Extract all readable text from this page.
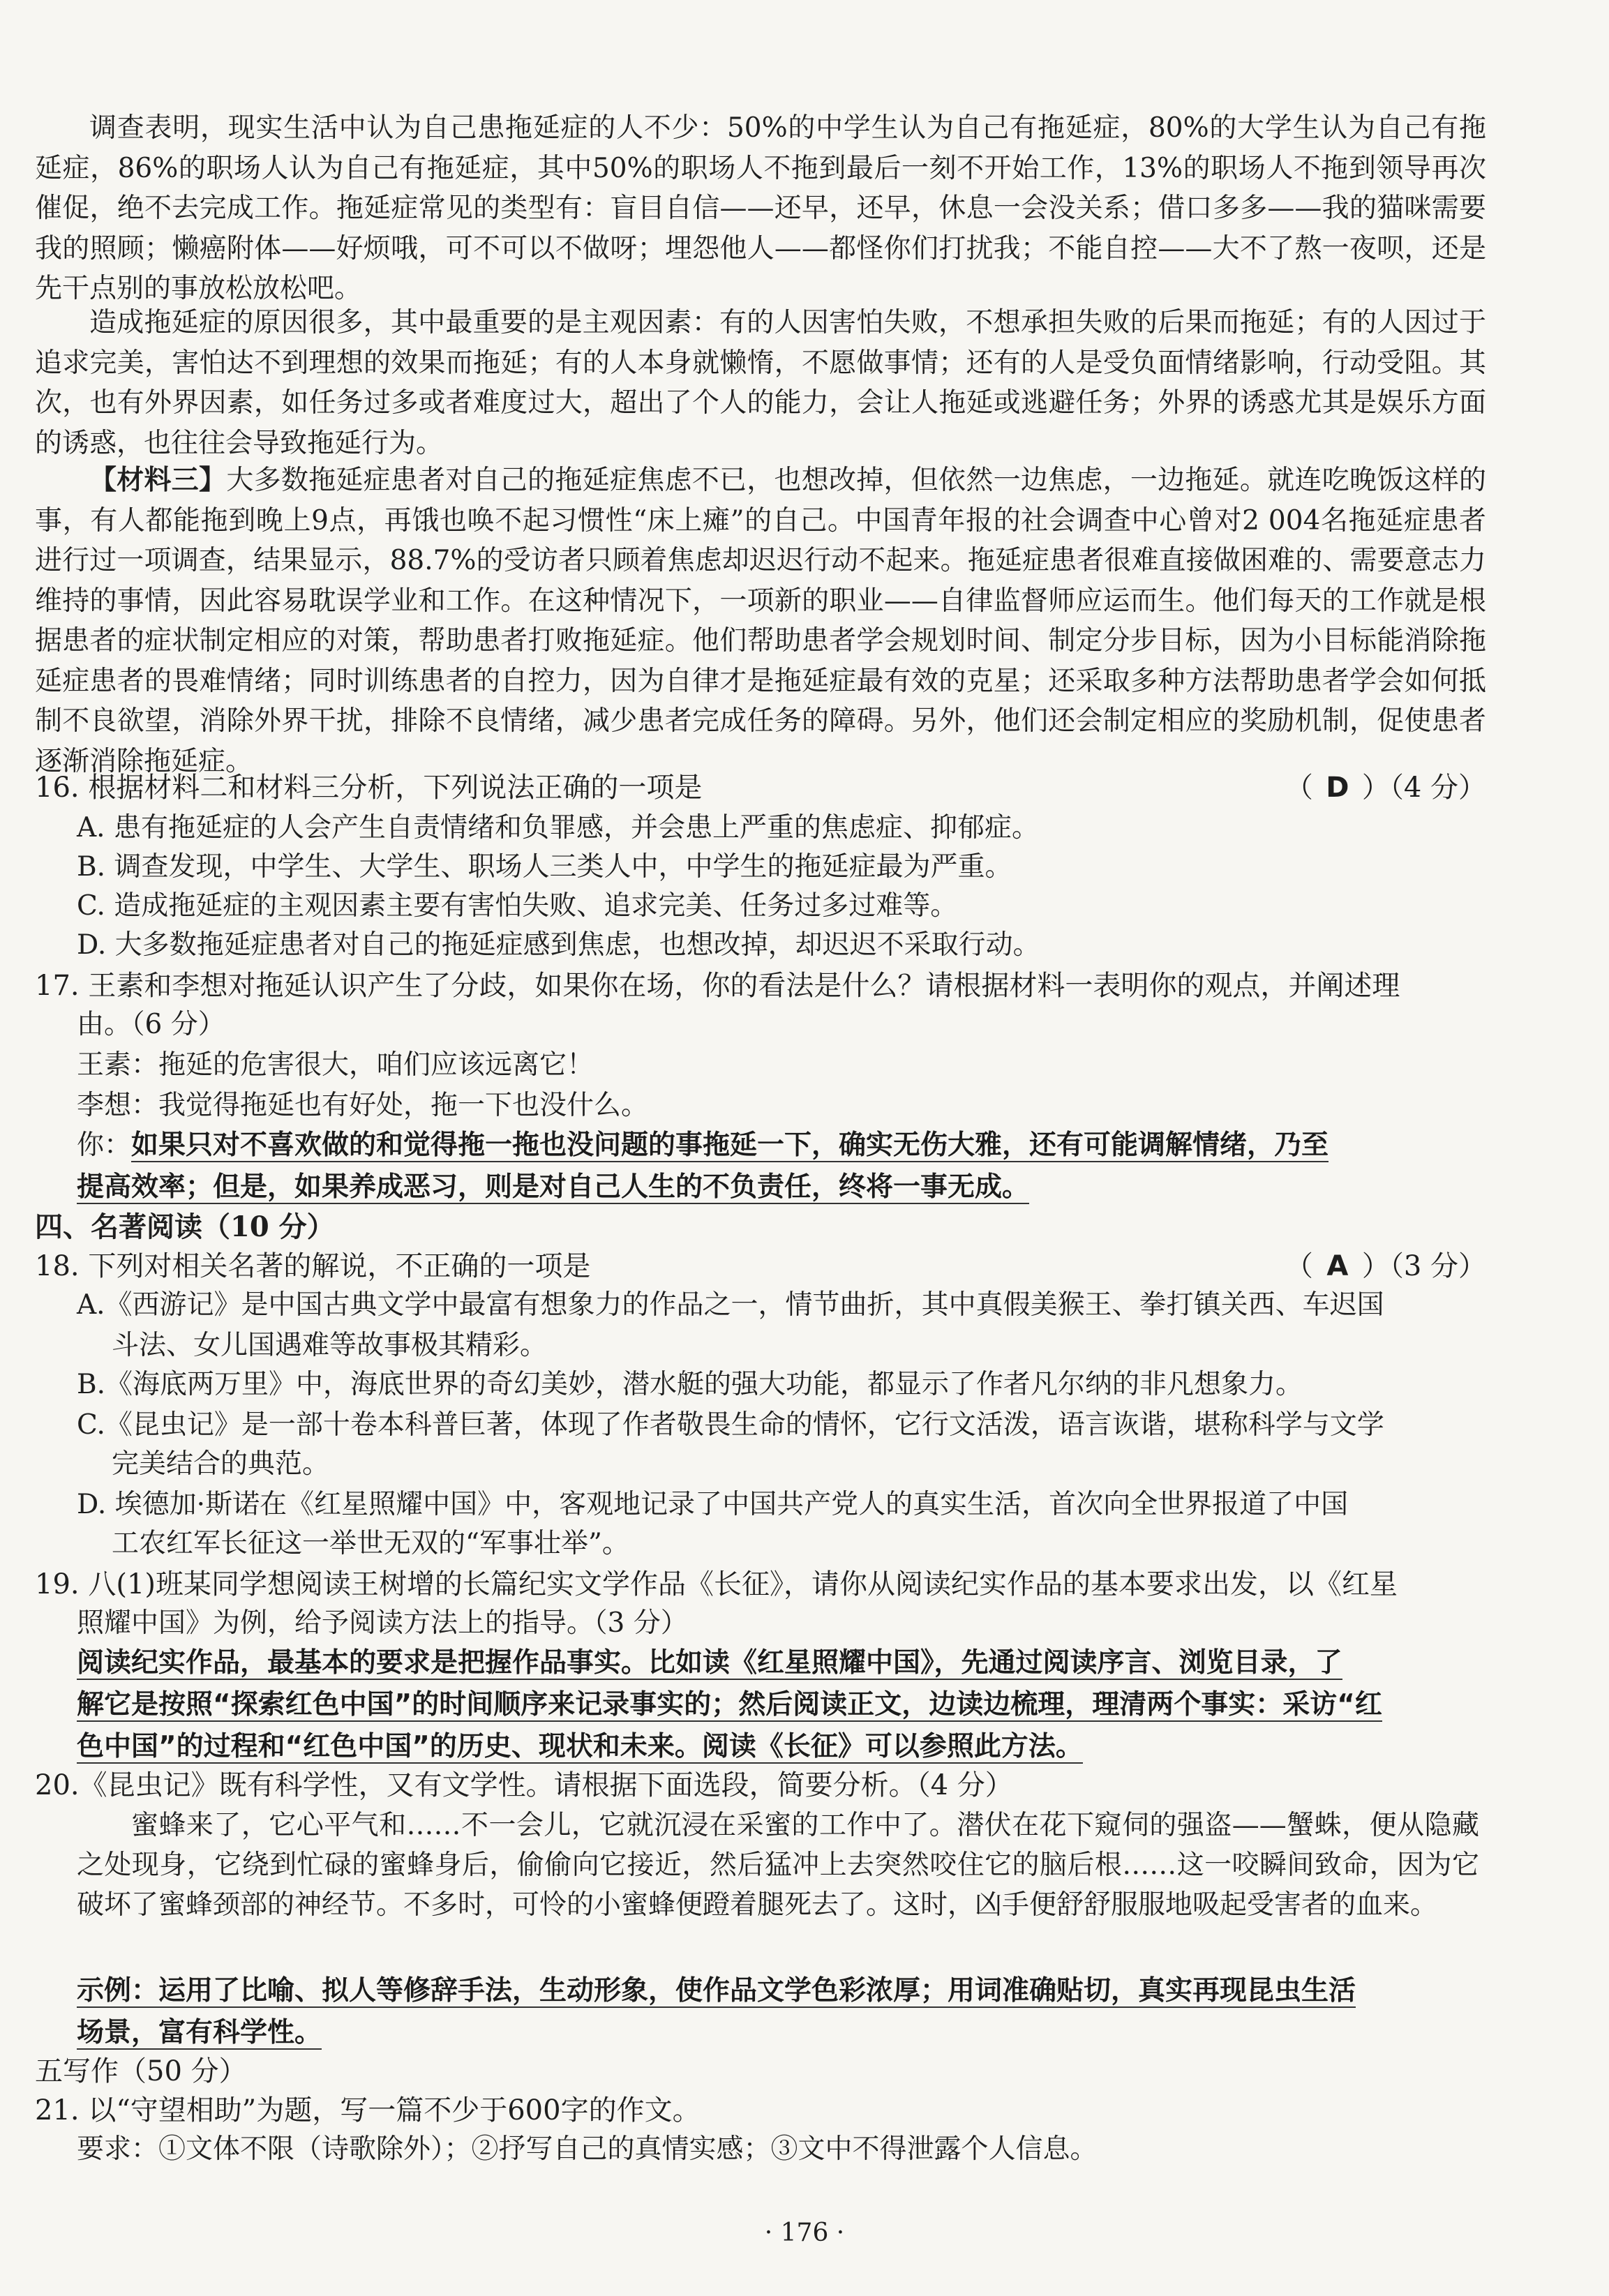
调查表明，现实生活中认为自己患拖延症的人不少：50%的中学生认为自己有拖延症，80%的大学生认为自己有拖延症，86%的职场人认为自己有拖延症，其中50%的职场人不拖到最后一刻不开始工作，13%的职场人不拖到领导再次催促，绝不去完成工作。拖延症常见的类型有：盲目自信——还早，还早，休息一会没关系；借口多多——我的猫咪需要我的照顾；懒癌附体——好烦哦，可不可以不做呀；埋怨他人——都怪你们打扰我；不能自控——大不了熬一夜呗，还是先干点别的事放松放松吧。
造成拖延症的原因很多，其中最重要的是主观因素：有的人因害怕失败，不想承担失败的后果而拖延；有的人因过于追求完美，害怕达不到理想的效果而拖延；有的人本身就懒惰，不愿做事情；还有的人是受负面情绪影响，行动受阻。其次，也有外界因素，如任务过多或者难度过大，超出了个人的能力，会让人拖延或逃避任务；外界的诱惑尤其是娱乐方面的诱惑，也往往会导致拖延行为。
【材料三】大多数拖延症患者对自己的拖延症焦虑不已，也想改掉，但依然一边焦虑，一边拖延。就连吃晚饭这样的事，有人都能拖到晚上9点，再饿也唤不起习惯性“床上瘫”的自己。中国青年报的社会调查中心曾对2 004名拖延症患者进行过一项调查，结果显示，88.7%的受访者只顾着焦虑却迟迟行动不起来。拖延症患者很难直接做困难的、需要意志力维持的事情，因此容易耽误学业和工作。在这种情况下，一项新的职业——自律监督师应运而生。他们每天的工作就是根据患者的症状制定相应的对策，帮助患者打败拖延症。他们帮助患者学会规划时间、制定分步目标，因为小目标能消除拖延症患者的畏难情绪；同时训练患者的自控力，因为自律才是拖延症最有效的克星；还采取多种方法帮助患者学会如何抵制不良欲望，消除外界干扰，排除不良情绪，减少患者完成任务的障碍。另外，他们还会制定相应的奖励机制，促使患者逐渐消除拖延症。
16. 根据材料二和材料三分析，下列说法正确的一项是	（ D ）（4 分）
A. 患有拖延症的人会产生自责情绪和负罪感，并会患上严重的焦虑症、抑郁症。
B. 调查发现，中学生、大学生、职场人三类人中，中学生的拖延症最为严重。
C. 造成拖延症的主观因素主要有害怕失败、追求完美、任务过多过难等。
D. 大多数拖延症患者对自己的拖延症感到焦虑，也想改掉，却迟迟不采取行动。
17. 王素和李想对拖延认识产生了分歧，如果你在场，你的看法是什么？请根据材料一表明你的观点，并阐述理
由。（6 分）
王素：拖延的危害很大，咱们应该远离它！
李想：我觉得拖延也有好处，拖一下也没什么。
你：如果只对不喜欢做的和觉得拖一拖也没问题的事拖延一下，确实无伤大雅，还有可能调解情绪，乃至
提高效率；但是，如果养成恶习，则是对自己人生的不负责任，终将一事无成。
四、名著阅读（10 分）
18. 下列对相关名著的解说，不正确的一项是	（ A ）（3 分）
A.《西游记》是中国古典文学中最富有想象力的作品之一，情节曲折，其中真假美猴王、拳打镇关西、车迟国
斗法、女儿国遇难等故事极其精彩。
B.《海底两万里》中，海底世界的奇幻美妙，潜水艇的强大功能，都显示了作者凡尔纳的非凡想象力。
C.《昆虫记》是一部十卷本科普巨著，体现了作者敬畏生命的情怀，它行文活泼，语言诙谐，堪称科学与文学
完美结合的典范。
D. 埃德加·斯诺在《红星照耀中国》中，客观地记录了中国共产党人的真实生活，首次向全世界报道了中国
工农红军长征这一举世无双的“军事壮举”。
19. 八(1)班某同学想阅读王树增的长篇纪实文学作品《长征》，请你从阅读纪实作品的基本要求出发，以《红星
照耀中国》为例，给予阅读方法上的指导。（3 分）
阅读纪实作品，最基本的要求是把握作品事实。比如读《红星照耀中国》，先通过阅读序言、浏览目录，了
解它是按照“探索红色中国”的时间顺序来记录事实的；然后阅读正文，边读边梳理，理清两个事实：采访“红
色中国”的过程和“红色中国”的历史、现状和未来。阅读《长征》可以参照此方法。
20.《昆虫记》既有科学性，又有文学性。请根据下面选段，简要分析。（4 分）
蜜蜂来了，它心平气和……不一会儿，它就沉浸在采蜜的工作中了。潜伏在花下窥伺的强盗——蟹蛛，便从隐藏之处现身，它绕到忙碌的蜜蜂身后，偷偷向它接近，然后猛冲上去突然咬住它的脑后根……这一咬瞬间致命，因为它破坏了蜜蜂颈部的神经节。不多时，可怜的小蜜蜂便蹬着腿死去了。这时，凶手便舒舒服服地吸起受害者的血来。
示例：运用了比喻、拟人等修辞手法，生动形象，使作品文学色彩浓厚；用词准确贴切，真实再现昆虫生活
场景，富有科学性。
五写作（50 分）
21. 以“守望相助”为题，写一篇不少于600字的作文。
要求：①文体不限（诗歌除外）；②抒写自己的真情实感；③文中不得泄露个人信息。
· 176 ·
